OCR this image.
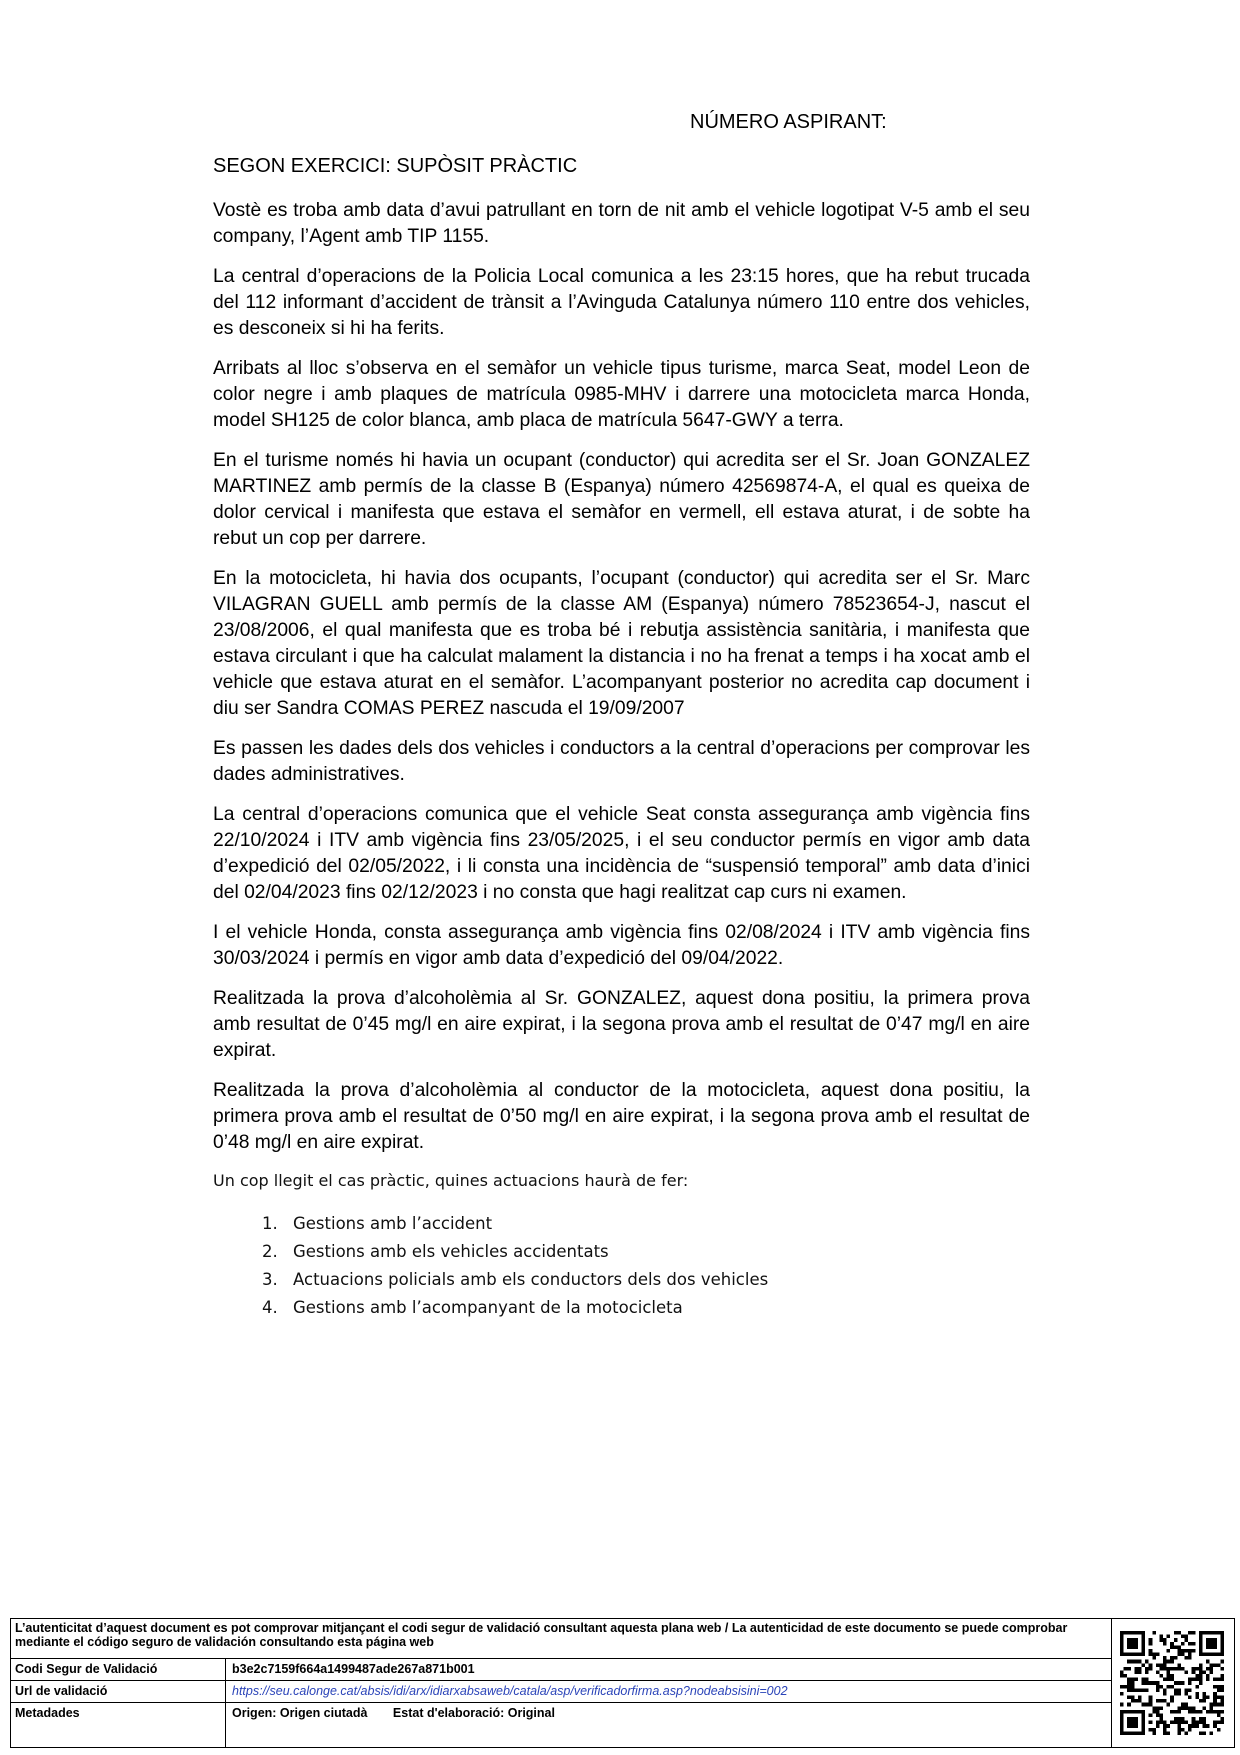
NÚMERO ASPIRANT:
SEGON EXERCICI: SUPÒSIT PRÀCTIC

Vostè es troba amb data d’avui patrullant en torn de nit amb el vehicle logotipat V-5 amb el seu company, l’Agent amb TIP 1155.

La central d’operacions de la Policia Local comunica a les 23:15 hores, que ha rebut trucada del 112 informant d’accident de trànsit a l’Avinguda Catalunya número 110 entre dos vehicles, es desconeix si hi ha ferits.

Arribats al lloc s’observa en el semàfor un vehicle tipus turisme, marca Seat, model Leon de color negre i amb plaques de matrícula 0985-MHV i darrere una motocicleta marca Honda, model SH125 de color blanca, amb placa de matrícula 5647-GWY a terra.

En el turisme només hi havia un ocupant (conductor) qui acredita ser el Sr. Joan GONZALEZ MARTINEZ amb permís de la classe B (Espanya) número 42569874-A, el qual es queixa de dolor cervical i manifesta que estava el semàfor en vermell, ell estava aturat, i de sobte ha rebut un cop per darrere.

En la motocicleta, hi havia dos ocupants, l’ocupant (conductor) qui acredita ser el Sr. Marc VILAGRAN GUELL amb permís de la classe AM (Espanya) número 78523654-J, nascut el 23/08/2006, el qual manifesta que es troba bé i rebutja assistència sanitària, i manifesta que estava circulant i que ha calculat malament la distancia i no ha frenat a temps i ha xocat amb el vehicle que estava aturat en el semàfor. L’acompanyant posterior no acredita cap document i diu ser Sandra COMAS PEREZ nascuda el 19/09/2007

Es passen les dades dels dos vehicles i conductors a la central d’operacions per comprovar les dades administratives.

La central d’operacions comunica que el vehicle Seat consta assegurança amb vigència fins 22/10/2024 i ITV amb vigència fins 23/05/2025, i el seu conductor permís en vigor amb data d’expedició del 02/05/2022, i li consta una incidència de “suspensió temporal” amb data d’inici del 02/04/2023 fins 02/12/2023 i no consta que hagi realitzat cap curs ni examen.

I el vehicle Honda, consta assegurança amb vigència fins 02/08/2024 i ITV amb vigència fins 30/03/2024 i permís en vigor amb data d’expedició del 09/04/2022.

Realitzada la prova d’alcoholèmia al Sr. GONZALEZ, aquest dona positiu, la primera prova amb resultat de 0’45 mg/l en aire expirat, i la segona prova amb el resultat de 0’47 mg/l en aire expirat.

Realitzada la prova d’alcoholèmia al conductor de la motocicleta, aquest dona positiu, la primera prova amb el resultat de 0’50 mg/l en aire expirat, i la segona prova amb el resultat de 0’48 mg/l en aire expirat.

Un cop llegit el cas pràctic, quines actuacions haurà de fer:
1. Gestions amb l’accident
2. Gestions amb els vehicles accidentats
3. Actuacions policials amb els conductors dels dos vehicles
4. Gestions amb l’acompanyant de la motocicleta
L’autenticitat d’aquest document es pot comprovar mitjançant el codi segur de validació consultant aquesta plana web / La autenticidad de este documento se puede comprobar mediante el código seguro de validación consultando esta página web
Codi Segur de Validació	b3e2c7159f664a1499487ade267a871b001
Url de validació	https://seu.calonge.cat/absis/idi/arx/idiarxabsaweb/catala/asp/verificadorfirma.asp?nodeabsisini=002
Metadades	Origen: Origen ciutadà Estat d'elaboració: Original
